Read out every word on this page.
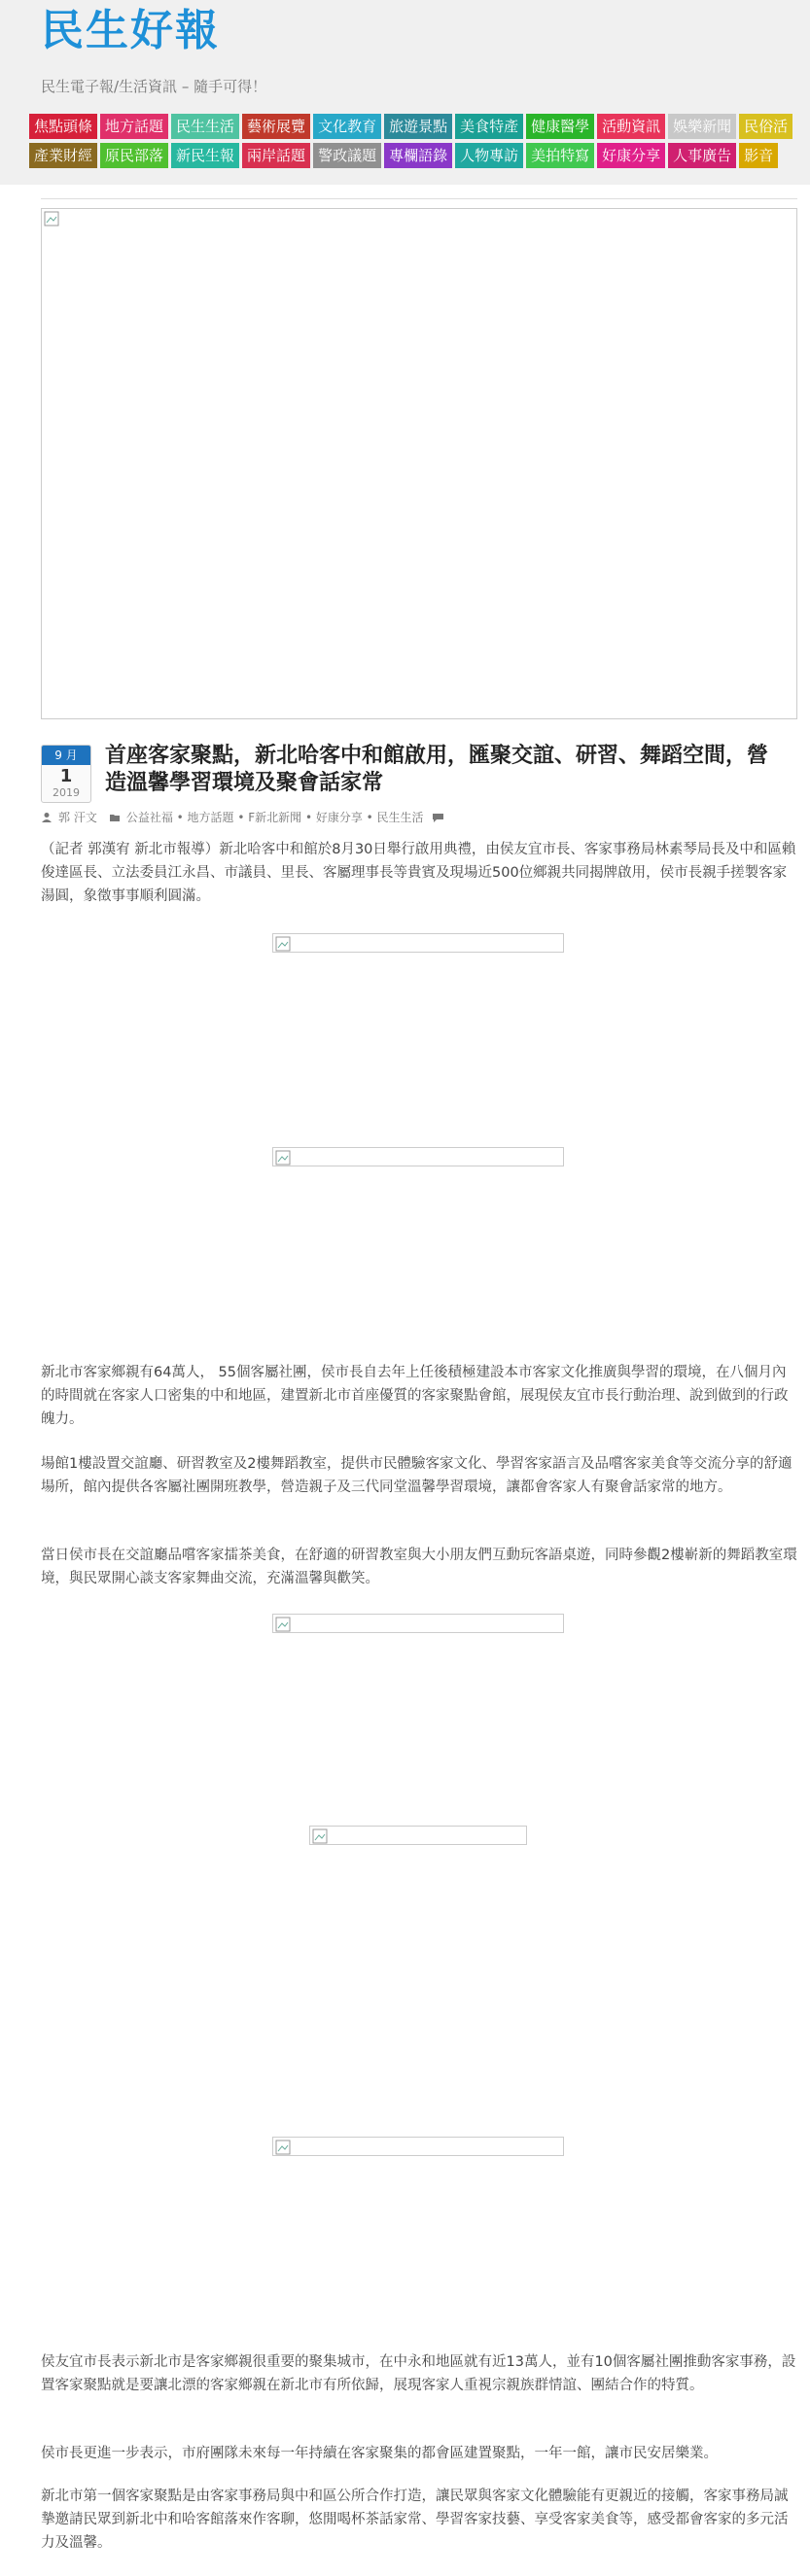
民生好報
民生電子報/生活資訊 – 隨手可得！
焦點頭條 地方話題 民生生活 藝術展覽 文化教育 旅遊景點 美食特產 健康醫學 活動資訊 娛樂新聞 民俗活
產業財經 原民部落 新民生報 兩岸話題 警政議題 專欄語錄 人物專訪 美拍特寫 好康分享 人事廣告 影音
9 月
1
2019
首座客家聚點，新北哈客中和館啟用，匯聚交誼、研習、舞蹈空間，營造溫馨學習環境及聚會話家常
郭 汗文	公益社福 • 地方話題 • F新北新聞 • 好康分享 • 民生生活

（記者 郭漢宥 新北市報導）新北哈客中和館於8月30日舉行啟用典禮，由侯友宜市長、客家事務局林素琴局長及中和區賴俊達區長、立法委員江永昌、市議員、里長、客屬理事長等貴賓及現場近500位鄉親共同揭牌啟用，侯市長親手搓製客家湯圓，象徵事事順利圓滿。

新北市客家鄉親有64萬人， 55個客屬社團，侯市長自去年上任後積極建設本市客家文化推廣與學習的環境，在八個月內的時間就在客家人口密集的中和地區，建置新北市首座優質的客家聚點會館，展現侯友宜市長行動治理、說到做到的行政魄力。

場館1樓設置交誼廳、研習教室及2樓舞蹈教室，提供市民體驗客家文化、學習客家語言及品嚐客家美食等交流分享的舒適場所，館內提供各客屬社團開班教學，營造親子及三代同堂溫馨學習環境，讓都會客家人有聚會話家常的地方。

當日侯市長在交誼廳品嚐客家擂茶美食，在舒適的研習教室與大小朋友們互動玩客語桌遊，同時參觀2樓嶄新的舞蹈教室環境，與民眾開心談支客家舞曲交流，充滿溫馨與歡笑。

侯友宜市長表示新北市是客家鄉親很重要的聚集城市，在中永和地區就有近13萬人，並有10個客屬社團推動客家事務，設置客家聚點就是要讓北漂的客家鄉親在新北市有所依歸，展現客家人重視宗親族群情誼、團結合作的特質。

侯市長更進一步表示，市府團隊未來每一年持續在客家聚集的都會區建置聚點，一年一館，讓市民安居樂業。

新北市第一個客家聚點是由客家事務局與中和區公所合作打造，讓民眾與客家文化體驗能有更親近的接觸，客家事務局誠摯邀請民眾到新北中和哈客館落來作客聊，悠閒喝杯茶話家常、學習客家技藝、享受客家美食等，感受都會客家的多元活力及溫馨。
